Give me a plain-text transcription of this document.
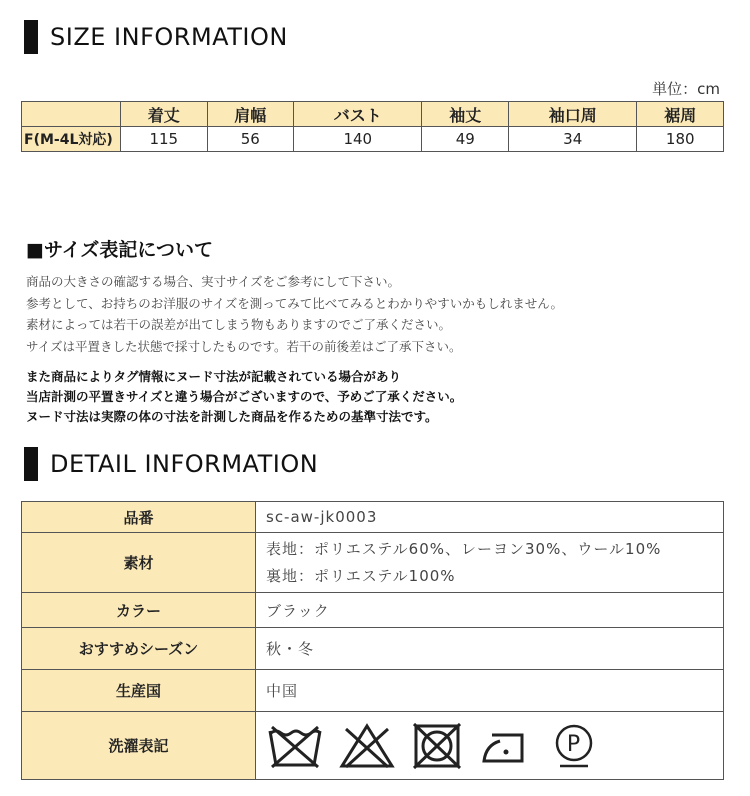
SIZE INFORMATION
単位：cm
	着丈	肩幅	バスト	袖丈	袖口周	裾周
F(M-4L対応)	115	56	140	49	34	180
■サイズ表記について
商品の大きさの確認する場合、実寸サイズをご参考にして下さい。
参考として、お持ちのお洋服のサイズを測ってみて比べてみるとわかりやすいかもしれません。
素材によっては若干の誤差が出てしまう物もありますのでご了承ください。
サイズは平置きした状態で採寸したものです。若干の前後差はご了承下さい。
また商品によりタグ情報にヌード寸法が記載されている場合があり
当店計測の平置きサイズと違う場合がございますので、予めご了承ください。
ヌード寸法は実際の体の寸法を計測した商品を作るための基準寸法です。
DETAIL INFORMATION
品番	sc-aw-jk0003
素材	表地：ポリエステル60%、レーヨン30%、ウール10%
裏地：ポリエステル100%

カラー	ブラック
おすすめシーズン	秋・冬
生産国	中国
洗濯表記	P
